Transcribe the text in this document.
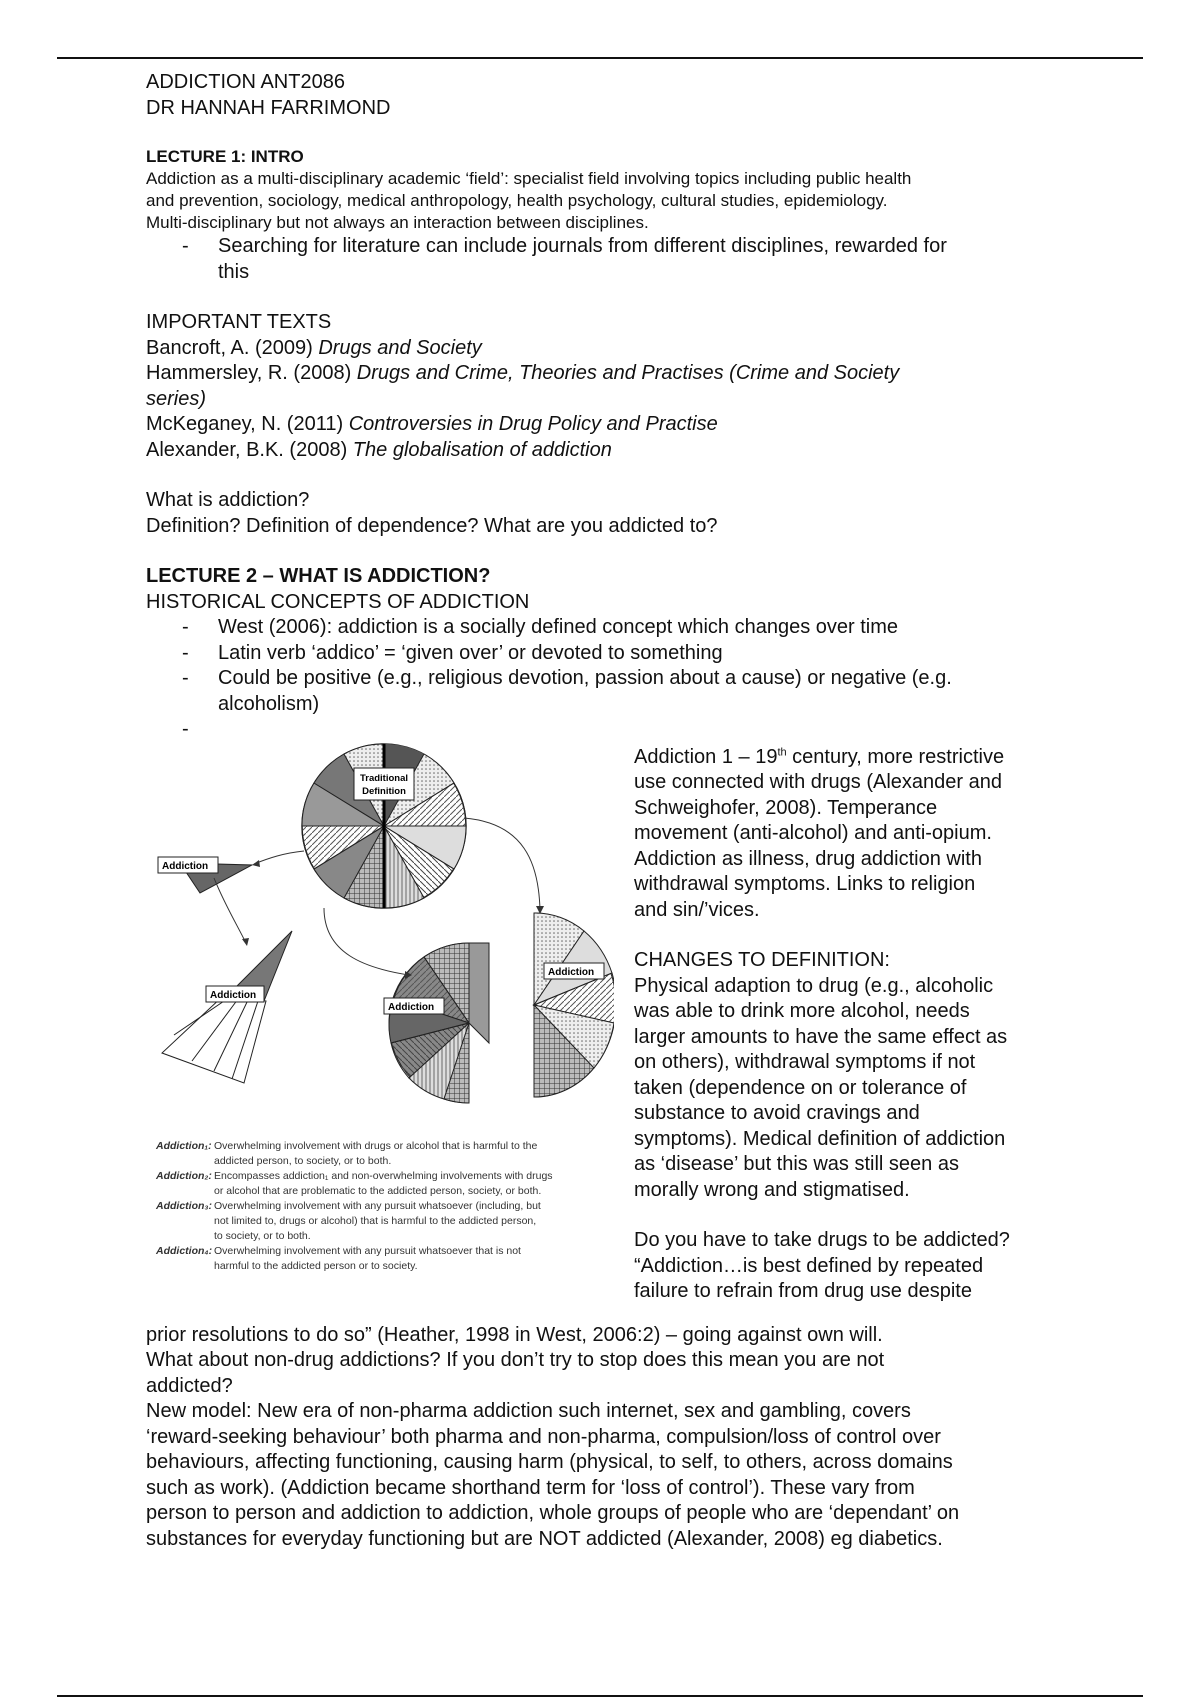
ADDICTION ANT2086

DR HANNAH FARRIMOND

LECTURE 1: INTRO

Addiction as a multi-disciplinary academic ‘field’: specialist field involving topics including public health

and prevention, sociology, medical anthropology, health psychology, cultural studies, epidemiology.

Multi-disciplinary but not always an interaction between disciplines.

- Searching for literature can include journals from different disciplines, rewarded for
this

IMPORTANT TEXTS

Bancroft, A. (2009) Drugs and Society

Hammersley, R. (2008) Drugs and Crime, Theories and Practises (Crime and Society
series)

McKeganey, N. (2011) Controversies in Drug Policy and Practise

Alexander, B.K. (2008) The globalisation of addiction

What is addiction?

Definition? Definition of dependence? What are you addicted to?

LECTURE 2 – WHAT IS ADDICTION?

HISTORICAL CONCEPTS OF ADDICTION

- West (2006): addiction is a socially defined concept which changes over time
- Latin verb ‘addico’ = ‘given over’ or devoted to something
- Could be positive (e.g., religious devotion, passion about a cause) or negative (e.g.
alcoholism)
-
Traditional
Definition
Addiction
Addiction
Addiction
Addiction
Addiction₁: Overwhelming involvement with drugs or alcohol that is harmful to the
addicted person, to society, or to both.
Addiction₂: Encompasses addiction₁ and non-overwhelming involvements with drugs
or alcohol that are problematic to the addicted person, society, or both.
Addiction₃: Overwhelming involvement with any pursuit whatsoever (including, but
not limited to, drugs or alcohol) that is harmful to the addicted person,
to society, or to both.
Addiction₄: Overwhelming involvement with any pursuit whatsoever that is not
harmful to the addicted person or to society.

Addiction 1 – 19th century, more restrictive

use connected with drugs (Alexander and

Schweighofer, 2008). Temperance

movement (anti-alcohol) and anti-opium.

Addiction as illness, drug addiction with

withdrawal symptoms. Links to religion

and sin/’vices.

CHANGES TO DEFINITION:

Physical adaption to drug (e.g., alcoholic

was able to drink more alcohol, needs

larger amounts to have the same effect as

on others), withdrawal symptoms if not

taken (dependence on or tolerance of

substance to avoid cravings and

symptoms). Medical definition of addiction

as ‘disease’ but this was still seen as

morally wrong and stigmatised.

Do you have to take drugs to be addicted?

“Addiction…is best defined by repeated

failure to refrain from drug use despite

prior resolutions to do so” (Heather, 1998 in West, 2006:2) – going against own will.

What about non-drug addictions? If you don’t try to stop does this mean you are not

addicted?

New model: New era of non-pharma addiction such internet, sex and gambling, covers

‘reward-seeking behaviour’ both pharma and non-pharma, compulsion/loss of control over

behaviours, affecting functioning, causing harm (physical, to self, to others, across domains

such as work). (Addiction became shorthand term for ‘loss of control’). These vary from

person to person and addiction to addiction, whole groups of people who are ‘dependant’ on

substances for everyday functioning but are NOT addicted (Alexander, 2008) eg diabetics.
